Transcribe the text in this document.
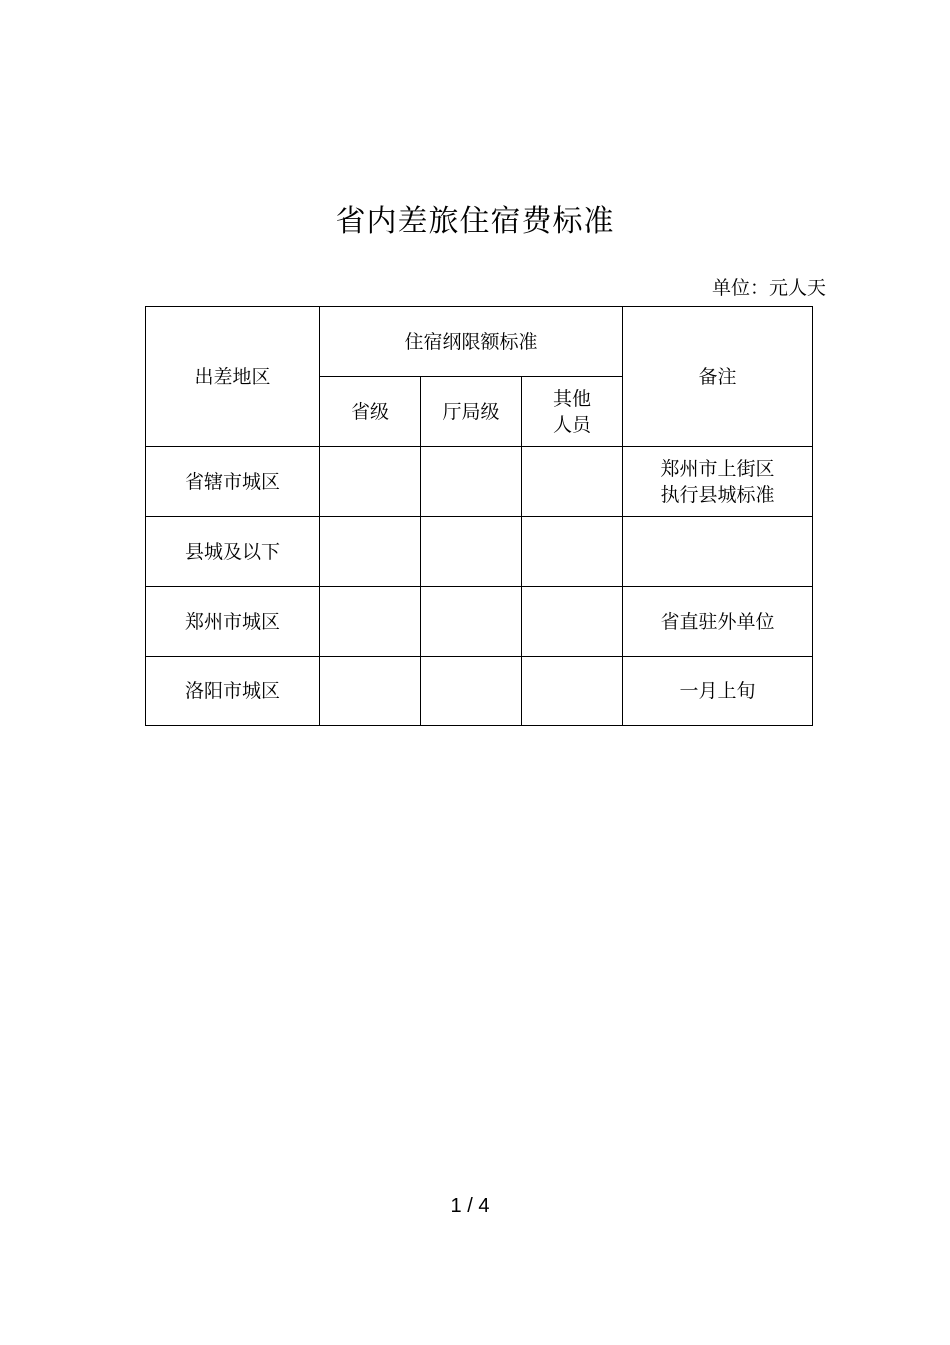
省内差旅住宿费标准
单位：元人天
出差地区	住宿纲限额标准			备注
	省级	厅局级	其他
人员	

省辖市城区				郑州市上街区
执行县城标准

县城及以下				
郑州市城区				省直驻外单位
洛阳市城区				一月上旬
1 / 4
